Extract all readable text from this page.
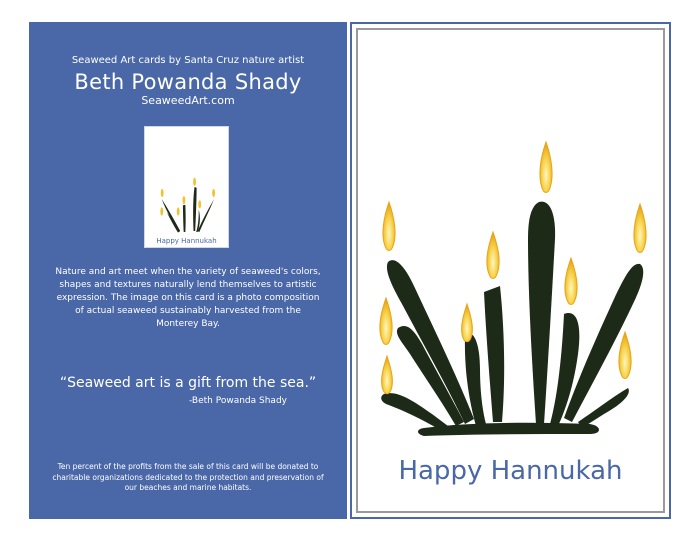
Seaweed Art cards by Santa Cruz nature artist
Beth Powanda Shady
SeaweedArt.com
Happy Hannukah
Nature and art meet when the variety of seaweed's colors, shapes and textures naturally lend themselves to artistic expression. The image on this card is a photo composition of actual seaweed sustainably harvested from the Monterey Bay.
“Seaweed art is a gift from the sea.”
-Beth Powanda Shady
Ten percent of the profits from the sale of this card will be donated to charitable organizations dedicated to the protection and preservation of our beaches and marine habitats.
Happy Hannukah
